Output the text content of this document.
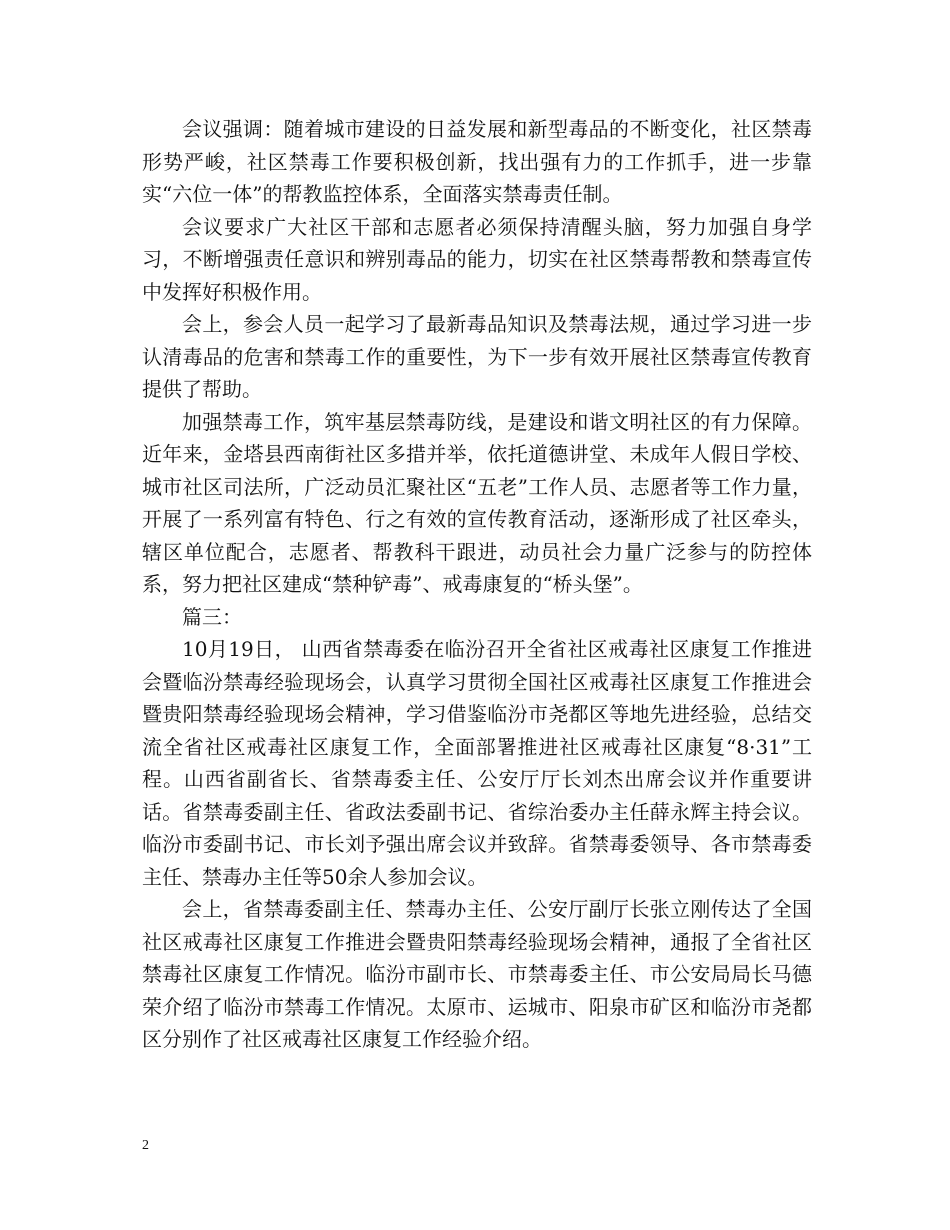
会议强调：随着城市建设的日益发展和新型毒品的不断变化，社区禁毒形势严峻，社区禁毒工作要积极创新，找出强有力的工作抓手，进一步靠实“六位一体”的帮教监控体系，全面落实禁毒责任制。

会议要求广大社区干部和志愿者必须保持清醒头脑，努力加强自身学习，不断增强责任意识和辨别毒品的能力，切实在社区禁毒帮教和禁毒宣传中发挥好积极作用。

会上，参会人员一起学习了最新毒品知识及禁毒法规，通过学习进一步认清毒品的危害和禁毒工作的重要性，为下一步有效开展社区禁毒宣传教育提供了帮助。

加强禁毒工作，筑牢基层禁毒防线，是建设和谐文明社区的有力保障。近年来，金塔县西南街社区多措并举，依托道德讲堂、未成年人假日学校、城市社区司法所，广泛动员汇聚社区“五老”工作人员、志愿者等工作力量，开展了一系列富有特色、行之有效的宣传教育活动，逐渐形成了社区牵头，辖区单位配合，志愿者、帮教科干跟进，动员社会力量广泛参与的防控体系，努力把社区建成“禁种铲毒”、戒毒康复的“桥头堡”。

篇三：

10月19日， 山西省禁毒委在临汾召开全省社区戒毒社区康复工作推进会暨临汾禁毒经验现场会，认真学习贯彻全国社区戒毒社区康复工作推进会暨贵阳禁毒经验现场会精神，学习借鉴临汾市尧都区等地先进经验，总结交流全省社区戒毒社区康复工作，全面部署推进社区戒毒社区康复“8·31”工程。山西省副省长、省禁毒委主任、公安厅厅长刘杰出席会议并作重要讲话。省禁毒委副主任、省政法委副书记、省综治委办主任薛永辉主持会议。临汾市委副书记、市长刘予强出席会议并致辞。省禁毒委领导、各市禁毒委主任、禁毒办主任等50余人参加会议。

会上，省禁毒委副主任、禁毒办主任、公安厅副厅长张立刚传达了全国社区戒毒社区康复工作推进会暨贵阳禁毒经验现场会精神，通报了全省社区禁毒社区康复工作情况。临汾市副市长、市禁毒委主任、市公安局局长马德荣介绍了临汾市禁毒工作情况。太原市、运城市、阳泉市矿区和临汾市尧都区分别作了社区戒毒社区康复工作经验介绍。

2
